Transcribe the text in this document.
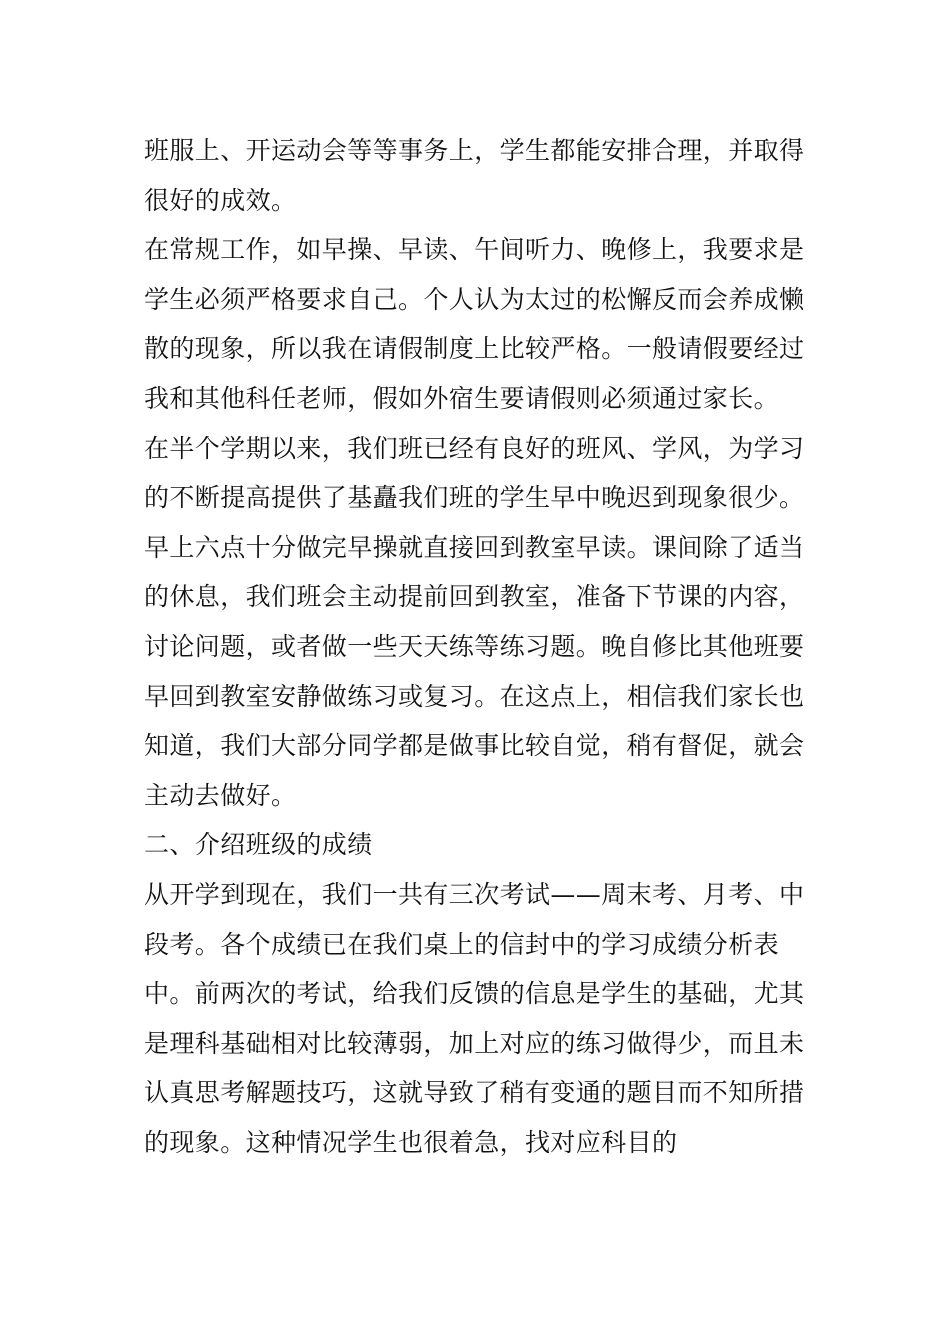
班服上、开运动会等等事务上，学生都能安排合理，并取得很好的成效。

在常规工作，如早操、早读、午间听力、晚修上，我要求是学生必须严格要求自己。个人认为太过的松懈反而会养成懒散的现象，所以我在请假制度上比较严格。一般请假要经过我和其他科任老师，假如外宿生要请假则必须通过家长。

在半个学期以来，我们班已经有良好的班风、学风，为学习的不断提高提供了基矗我们班的学生早中晚迟到现象很少。早上六点十分做完早操就直接回到教室早读。课间除了适当的休息，我们班会主动提前回到教室，准备下节课的内容，讨论问题，或者做一些天天练等练习题。晚自修比其他班要早回到教室安静做练习或复习。在这点上，相信我们家长也知道，我们大部分同学都是做事比较自觉，稍有督促，就会主动去做好。

二、介绍班级的成绩

从开学到现在，我们一共有三次考试——周末考、月考、中段考。各个成绩已在我们桌上的信封中的学习成绩分析表中。前两次的考试，给我们反馈的信息是学生的基础，尤其是理科基础相对比较薄弱，加上对应的练习做得少，而且未认真思考解题技巧，这就导致了稍有变通的题目而不知所措的现象。这种情况学生也很着急，找对应科目的
